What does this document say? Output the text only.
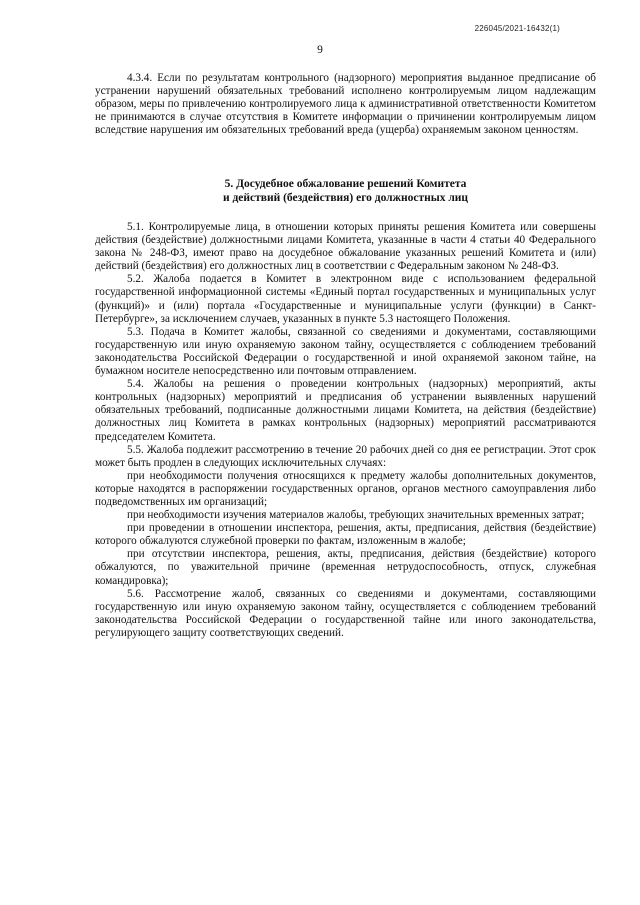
226045/2021-16432(1)
9

4.3.4. Если по результатам контрольного (надзорного) мероприятия выданное предписание об устранении нарушений обязательных требований исполнено контролируемым лицом надлежащим образом, меры по привлечению контролируемого лица к административной ответственности Комитетом не принимаются в случае отсутствия в Комитете информации о причинении контролируемым лицом вследствие нарушения им обязательных требований вреда (ущерба) охраняемым законом ценностям.

5. Досудебное обжалование решений Комитета
и действий (бездействия) его должностных лиц

5.1. Контролируемые лица, в отношении которых приняты решения Комитета или совершены действия (бездействие) должностными лицами Комитета, указанные в части 4 статьи 40 Федерального закона № 248-ФЗ, имеют право на досудебное обжалование указанных решений Комитета и (или) действий (бездействия) его должностных лиц в соответствии с Федеральным законом № 248-ФЗ.

5.2. Жалоба подается в Комитет в электронном виде с использованием федеральной государственной информационной системы «Единый портал государственных и муниципальных услуг (функций)» и (или) портала «Государственные и муниципальные услуги (функции) в Санкт-Петербурге», за исключением случаев, указанных в пункте 5.3 настоящего Положения.

5.3. Подача в Комитет жалобы, связанной со сведениями и документами, составляющими государственную или иную охраняемую законом тайну, осуществляется с соблюдением требований законодательства Российской Федерации о государственной и иной охраняемой законом тайне, на бумажном носителе непосредственно или почтовым отправлением.

5.4. Жалобы на решения о проведении контрольных (надзорных) мероприятий, акты контрольных (надзорных) мероприятий и предписания об устранении выявленных нарушений обязательных требований, подписанные должностными лицами Комитета, на действия (бездействие) должностных лиц Комитета в рамках контрольных (надзорных) мероприятий рассматриваются председателем Комитета.

5.5. Жалоба подлежит рассмотрению в течение 20 рабочих дней со дня ее регистрации. Этот срок может быть продлен в следующих исключительных случаях:

при необходимости получения относящихся к предмету жалобы дополнительных документов, которые находятся в распоряжении государственных органов, органов местного самоуправления либо подведомственных им организаций;

при необходимости изучения материалов жалобы, требующих значительных временных затрат;

при проведении в отношении инспектора, решения, акты, предписания, действия (бездействие) которого обжалуются служебной проверки по фактам, изложенным в жалобе;

при отсутствии инспектора, решения, акты, предписания, действия (бездействие) которого обжалуются, по уважительной причине (временная нетрудоспособность, отпуск, служебная командировка);

5.6. Рассмотрение жалоб, связанных со сведениями и документами, составляющими государственную или иную охраняемую законом тайну, осуществляется с соблюдением требований законодательства Российской Федерации о государственной тайне или иного законодательства, регулирующего защиту соответствующих сведений.
